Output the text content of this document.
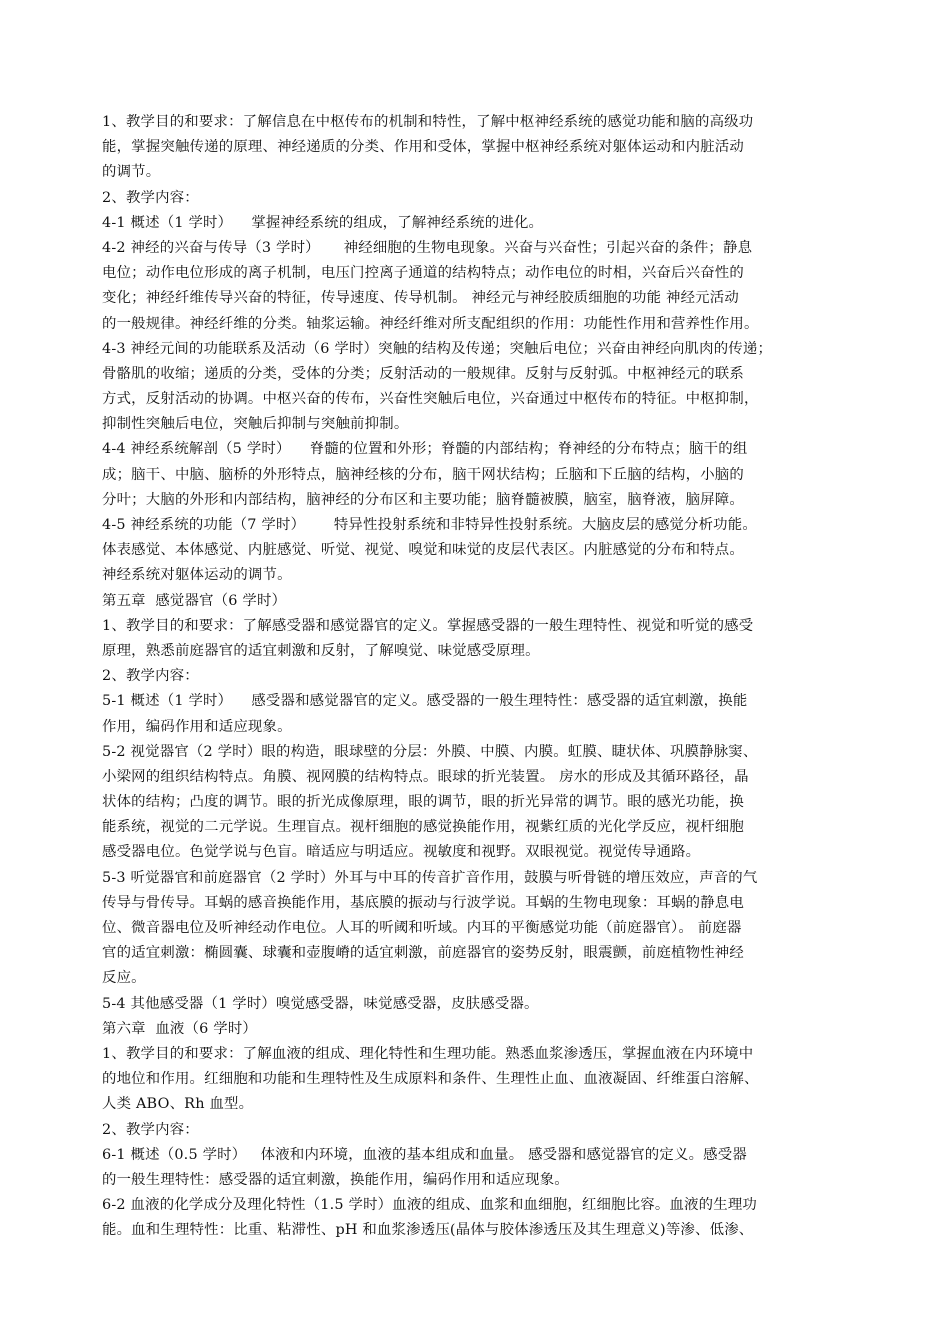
1、教学目的和要求：了解信息在中枢传布的机制和特性，了解中枢神经系统的感觉功能和脑的高级功

能，掌握突触传递的原理、神经递质的分类、作用和受体，掌握中枢神经系统对躯体运动和内脏活动

的调节。

2、教学内容：

4-1 概述（1 学时）    掌握神经系统的组成，了解神经系统的进化。

4-2 神经的兴奋与传导（3 学时）     神经细胞的生物电现象。兴奋与兴奋性；引起兴奋的条件；静息

电位；动作电位形成的离子机制，电压门控离子通道的结构特点；动作电位的时相，兴奋后兴奋性的

变化；神经纤维传导兴奋的特征，传导速度、传导机制。 神经元与神经胶质细胞的功能 神经元活动

的一般规律。神经纤维的分类。轴浆运输。神经纤维对所支配组织的作用：功能性作用和营养性作用。

4-3 神经元间的功能联系及活动（6 学时）突触的结构及传递；突触后电位；兴奋由神经向肌肉的传递；

骨骼肌的收缩；递质的分类，受体的分类；反射活动的一般规律。反射与反射弧。中枢神经元的联系

方式，反射活动的协调。中枢兴奋的传布，兴奋性突触后电位，兴奋通过中枢传布的特征。中枢抑制，

抑制性突触后电位，突触后抑制与突触前抑制。

4-4 神经系统解剖（5 学时）    脊髓的位置和外形；脊髓的内部结构；脊神经的分布特点；脑干的组

成；脑干、中脑、脑桥的外形特点，脑神经核的分布，脑干网状结构；丘脑和下丘脑的结构，小脑的

分叶；大脑的外形和内部结构，脑神经的分布区和主要功能；脑脊髓被膜，脑室，脑脊液，脑屏障。

4-5 神经系统的功能（7 学时）      特异性投射系统和非特异性投射系统。大脑皮层的感觉分析功能。

体表感觉、本体感觉、内脏感觉、听觉、视觉、嗅觉和味觉的皮层代表区。内脏感觉的分布和特点。

神经系统对躯体运动的调节。

第五章  感觉器官（6 学时）

1、教学目的和要求：了解感受器和感觉器官的定义。掌握感受器的一般生理特性、视觉和听觉的感受

原理，熟悉前庭器官的适宜刺激和反射，了解嗅觉、味觉感受原理。

2、教学内容：

5-1 概述（1 学时）    感受器和感觉器官的定义。感受器的一般生理特性：感受器的适宜刺激，换能

作用，编码作用和适应现象。

5-2 视觉器官（2 学时）眼的构造，眼球壁的分层：外膜、中膜、内膜。虹膜、睫状体、巩膜静脉窦、

小梁网的组织结构特点。角膜、视网膜的结构特点。眼球的折光装置。 房水的形成及其循环路径，晶

状体的结构；凸度的调节。眼的折光成像原理，眼的调节，眼的折光异常的调节。眼的感光功能，换

能系统，视觉的二元学说。生理盲点。视杆细胞的感觉换能作用，视紫红质的光化学反应，视杆细胞

感受器电位。色觉学说与色盲。暗适应与明适应。视敏度和视野。双眼视觉。视觉传导通路。

5-3 听觉器官和前庭器官（2 学时）外耳与中耳的传音扩音作用，鼓膜与听骨链的增压效应，声音的气

传导与骨传导。耳蜗的感音换能作用，基底膜的振动与行波学说。耳蜗的生物电现象：耳蜗的静息电

位、微音器电位及听神经动作电位。人耳的听阈和听域。内耳的平衡感觉功能（前庭器官）。 前庭器

官的适宜刺激：椭圆囊、球囊和壶腹嵴的适宜刺激，前庭器官的姿势反射，眼震颤，前庭植物性神经

反应。

5-4 其他感受器（1 学时）嗅觉感受器，味觉感受器，皮肤感受器。

第六章  血液（6 学时）

1、教学目的和要求：了解血液的组成、理化特性和生理功能。熟悉血浆渗透压，掌握血液在内环境中

的地位和作用。红细胞和功能和生理特性及生成原料和条件、生理性止血、血液凝固、纤维蛋白溶解、

人类 ABO、Rh 血型。

2、教学内容：

6-1 概述（0.5 学时）   体液和内环境，血液的基本组成和血量。 感受器和感觉器官的定义。感受器

的一般生理特性：感受器的适宜刺激，换能作用，编码作用和适应现象。

6-2 血液的化学成分及理化特性（1.5 学时）血液的组成、血浆和血细胞，红细胞比容。血液的生理功

能。血和生理特性：比重、粘滞性、pH 和血浆渗透压(晶体与胶体渗透压及其生理意义)等渗、低渗、
